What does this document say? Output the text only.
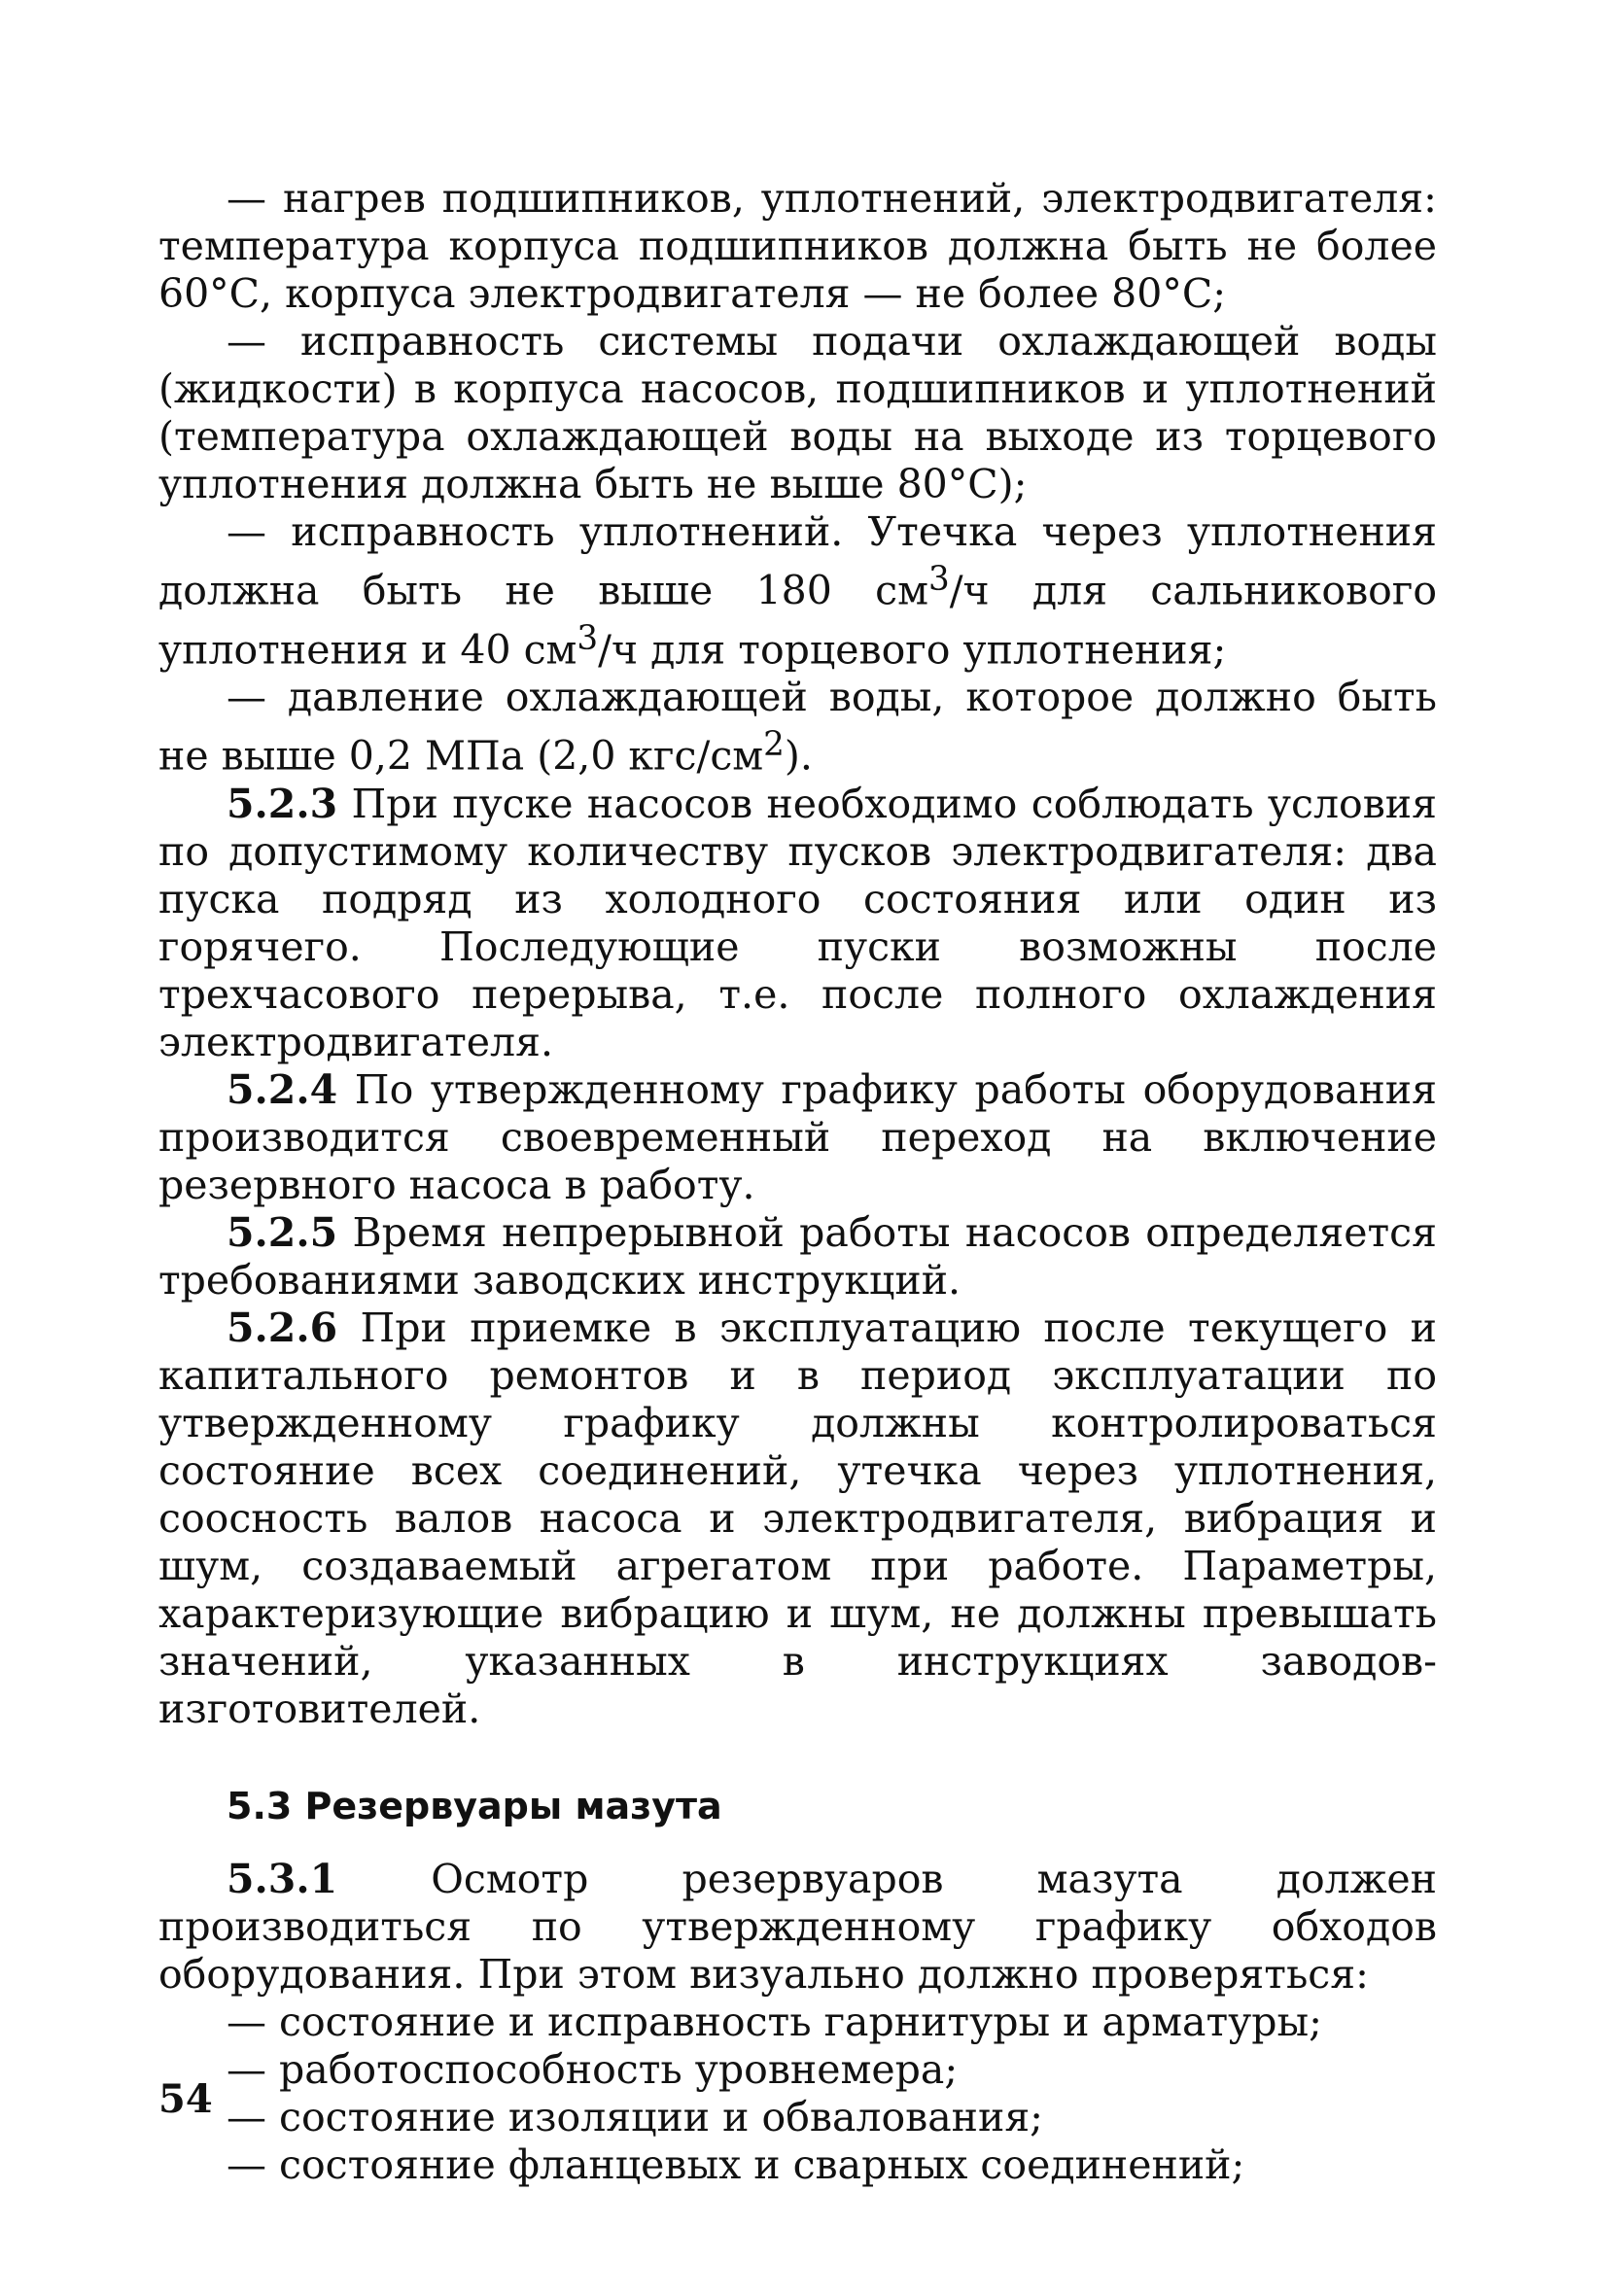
— нагрев подшипников, уплотнений, электродвигателя: температура корпуса подшипников должна быть не более 60°С, корпуса электродвигателя — не более 80°С;

— исправность системы подачи охлаждающей воды (жидкости) в корпуса насосов, подшипников и уплотнений (температура охлаждающей воды на выходе из торцевого уплотнения должна быть не выше 80°С);

— исправность уплотнений. Утечка через уплотнения должна быть не выше 180 $см^3/ч$ для сальникового уплотнения и 40 $см^3/ч$ для торцевого уплотнения;

— давление охлаждающей воды, которое должно быть не выше 0,2 МПа (2,0 кгс/$см^2$).

5.2.3 При пуске насосов необходимо соблюдать условия по допустимому количеству пусков электродвигателя: два пуска подряд из холодного состояния или один из горячего. Последующие пуски возможны после трехчасового перерыва, т.е. после полного охлаждения электродвигателя.

5.2.4 По утвержденному графику работы оборудования производится своевременный переход на включение резервного насоса в работу.

5.2.5 Время непрерывной работы насосов определяется требованиями заводских инструкций.

5.2.6 При приемке в эксплуатацию после текущего и капитального ремонтов и в период эксплуатации по утвержденному графику должны контролироваться состояние всех соединений, утечка через уплотнения, соосность валов насоса и электродвигателя, вибрация и шум, создаваемый агрегатом при работе. Параметры, характеризующие вибрацию и шум, не должны превышать значений, указанных в инструкциях заводов-изготовителей.

5.3 Резервуары мазута

5.3.1 Осмотр резервуаров мазута должен производиться по утвержденному графику обходов оборудования. При этом визуально должно проверяться:

— состояние и исправность гарнитуры и арматуры;

— работоспособность уровнемера;

— состояние изоляции и обвалования;

— состояние фланцевых и сварных соединений;

54
